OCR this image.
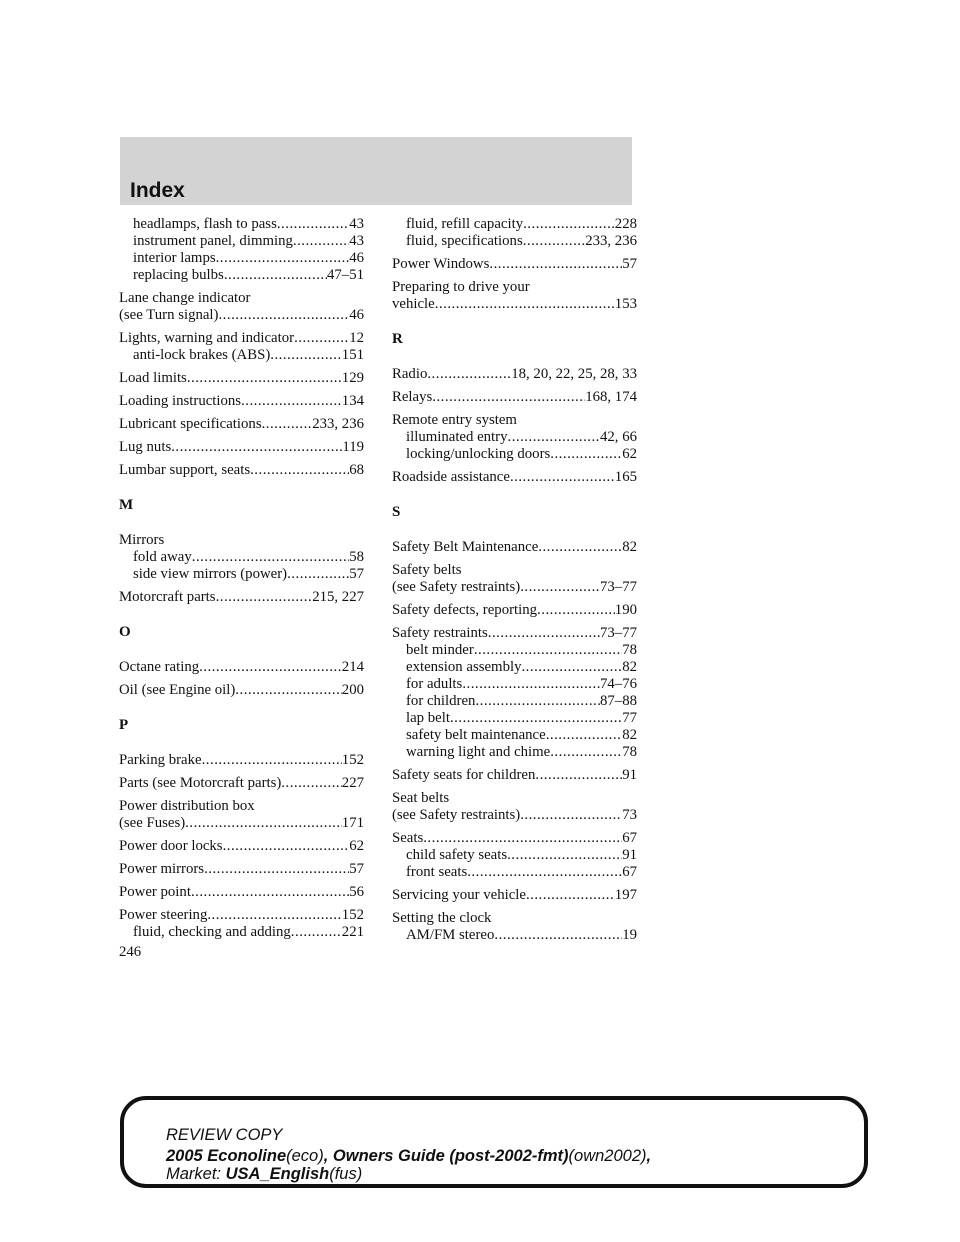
Index
headlamps, flash to pass .....	43
instrument panel, dimming .....	43
interior lamps .....	46
replacing bulbs .....	47–51
Lane change indicator
(see Turn signal) .....	46
Lights, warning and indicator .....	12
anti-lock brakes (ABS) .....	151
Load limits .....	129
Loading instructions .....	134
Lubricant specifications .....	233, 236
Lug nuts .....	119
Lumbar support, seats .....	68
M
Mirrors
fold away .....	58
side view mirrors (power) .....	57
Motorcraft parts .....	215, 227
O
Octane rating .....	214
Oil (see Engine oil) .....	200
P
Parking brake .....	152
Parts (see Motorcraft parts) .....	227
Power distribution box
(see Fuses) .....	171
Power door locks .....	62
Power mirrors .....	57
Power point .....	56
Power steering .....	152
fluid, checking and adding .....	221
fluid, refill capacity .....	228
fluid, specifications .....	233, 236
Power Windows .....	57
Preparing to drive your
vehicle .....	153
R
Radio .....	18, 20, 22, 25, 28, 33
Relays .....	168, 174
Remote entry system
illuminated entry .....	42, 66
locking/unlocking doors .....	62
Roadside assistance .....	165
S
Safety Belt Maintenance .....	82
Safety belts
(see Safety restraints) .....	73–77
Safety defects, reporting .....	190
Safety restraints .....	73–77
belt minder .....	78
extension assembly .....	82
for adults .....	74–76
for children .....	87–88
lap belt .....	77
safety belt maintenance .....	82
warning light and chime .....	78
Safety seats for children .....	91
Seat belts
(see Safety restraints) .....	73
Seats .....	67
child safety seats .....	91
front seats .....	67
Servicing your vehicle .....	197
Setting the clock
AM/FM stereo .....	19
246
REVIEW COPY
2005 Econoline(eco), Owners Guide (post-2002-fmt)(own2002),
Market: USA_English(fus)
